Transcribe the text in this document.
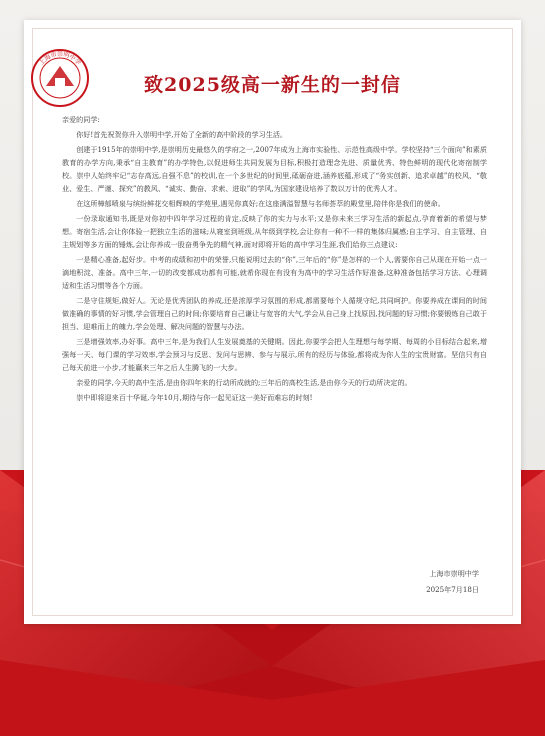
上海市崇明中学
致2025级高一新生的一封信

亲爱的同学:

你好!首先祝贺你升入崇明中学,开始了全新的高中阶段的学习生活。

创建于1915年的崇明中学,是崇明历史最悠久的学府之一,2007年成为上海市实验性、示范性高级中学。学校坚持“三个面向”和素质教育的办学方向,秉承“自主教育”的办学特色,以促进师生共同发展为目标,积极打造理念先进、质量优秀、特色鲜明的现代化寄宿制学校。崇中人始终牢记“志存高远,自强不息”的校训,在一个多世纪的时间里,砥砺奋进,涵养底蕴,形成了“务实创新、追求卓越”的校风、“敬业、爱生、严谨、探究”的教风、“诚实、勤奋、求索、进取”的学风,为国家建设培养了数以万计的优秀人才。

在这所樟郁喷泉与缤纷鲜花交相辉映的学苑里,遇见你真好;在这座满溢智慧与名师荟萃的殿堂里,陪伴你是我们的使命。

一份录取通知书,既是对你初中四年学习过程的肯定,反映了你的实力与水平;又是你未来三学习生活的新起点,孕育着新的希望与梦想。寄宿生活,会让你体验一把独立生活的滋味;从寝室到班级,从年级到学校,会让你有一种不一样的集体归属感;自主学习、自主管理、自主规划等多方面的锤炼,会让你养成一股奋勇争先的精气神,面对即将开始的高中学习生涯,我们给你三点建议:

一是精心准备,起好步。中考的成绩和初中的荣誉,只能说明过去的“你”,三年后的“你”是怎样的一个人,需要你自己从现在开始一点一滴地积淀、准备。高中三年,一切的改变都成功都有可能,就希你现在有没有为高中的学习生活作好准备,这种准备包括学习方法、心理调适和生活习惯等各个方面。

二是守住规矩,做好人。无论是优秀团队的养成,还是浓厚学习氛围的形成,都需要每个人循规守纪,共同呵护。你要养成在课间的时间做准确的事情的好习惯,学会管理自己的时间;你要培育自己谦让与宽容的大气,学会从自己身上找原因,找问题的好习惯;你要锻炼自己敢于担当、迎难而上的魄力,学会处理、解决问题的智慧与办法。

三是增强效率,办好事。高中三年,是为我们人生发展奠基的关键期。因此,你要学会把人生理想与每学期、每周的小目标结合起来,增强每一天、每门课的学习效率,学会预习与反思、发问与思辨、参与与展示,所有的经历与体验,都将成为你人生的宝贵财富。坚信只有自己每天前进一小步,才能赢来三年之后人生腾飞的一大步。

亲爱的同学,今天的高中生活,是由你四年来的行动所成就的;三年后的高校生活,是由你今天的行动所决定的。

崇中即将迎来百十华诞,今年10月,期待与你一起见证这一美好而难忘的时刻!

上海市崇明中学
2025年7月18日
